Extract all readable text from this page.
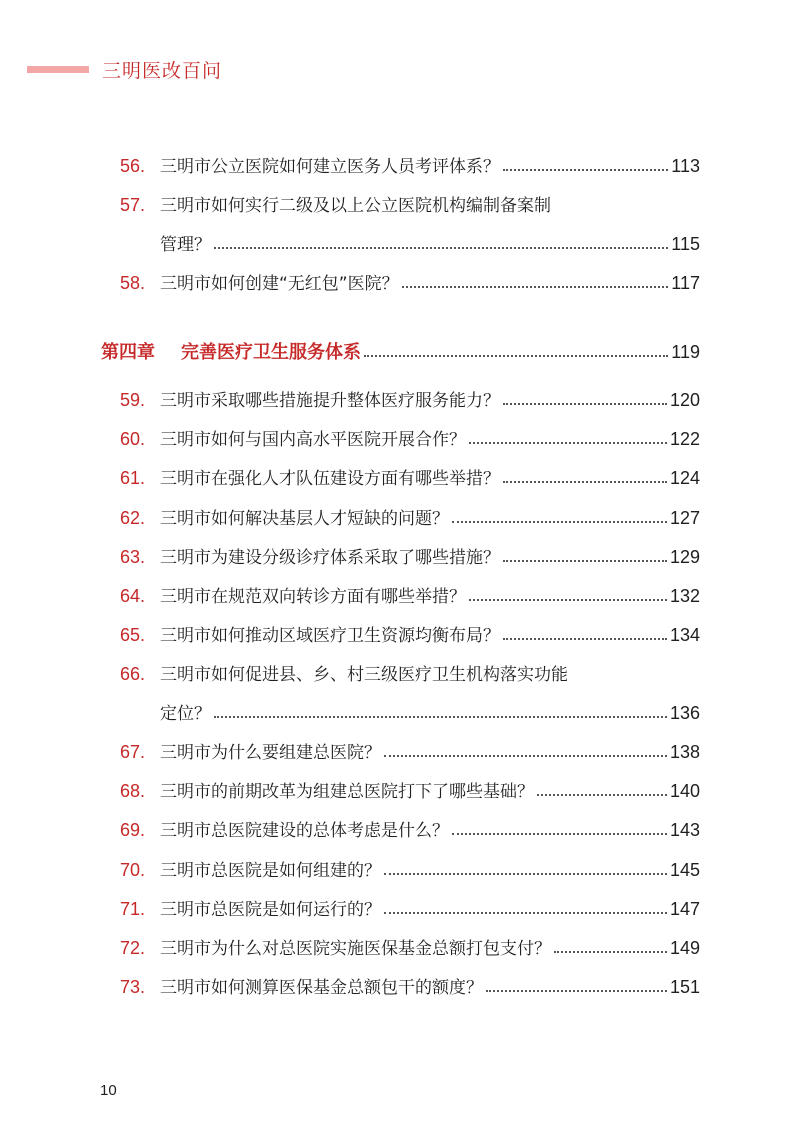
三明医改百问
56. 三明市公立医院如何建立医务人员考评体系？	113
57. 三明市如何实行二级及以上公立医院机构编制备案制
管理？	115
58. 三明市如何创建“无红包”医院？	117
第四章 完善医疗卫生服务体系	119
59. 三明市采取哪些措施提升整体医疗服务能力？	120
60. 三明市如何与国内高水平医院开展合作？	122
61. 三明市在强化人才队伍建设方面有哪些举措？	124
62. 三明市如何解决基层人才短缺的问题？	127
63. 三明市为建设分级诊疗体系采取了哪些措施？	129
64. 三明市在规范双向转诊方面有哪些举措？	132
65. 三明市如何推动区域医疗卫生资源均衡布局？	134
66. 三明市如何促进县、乡、村三级医疗卫生机构落实功能
定位？	136
67. 三明市为什么要组建总医院？	138
68. 三明市的前期改革为组建总医院打下了哪些基础？	140
69. 三明市总医院建设的总体考虑是什么？	143
70. 三明市总医院是如何组建的？	145
71. 三明市总医院是如何运行的？	147
72. 三明市为什么对总医院实施医保基金总额打包支付？	149
73. 三明市如何测算医保基金总额包干的额度？	151
10
